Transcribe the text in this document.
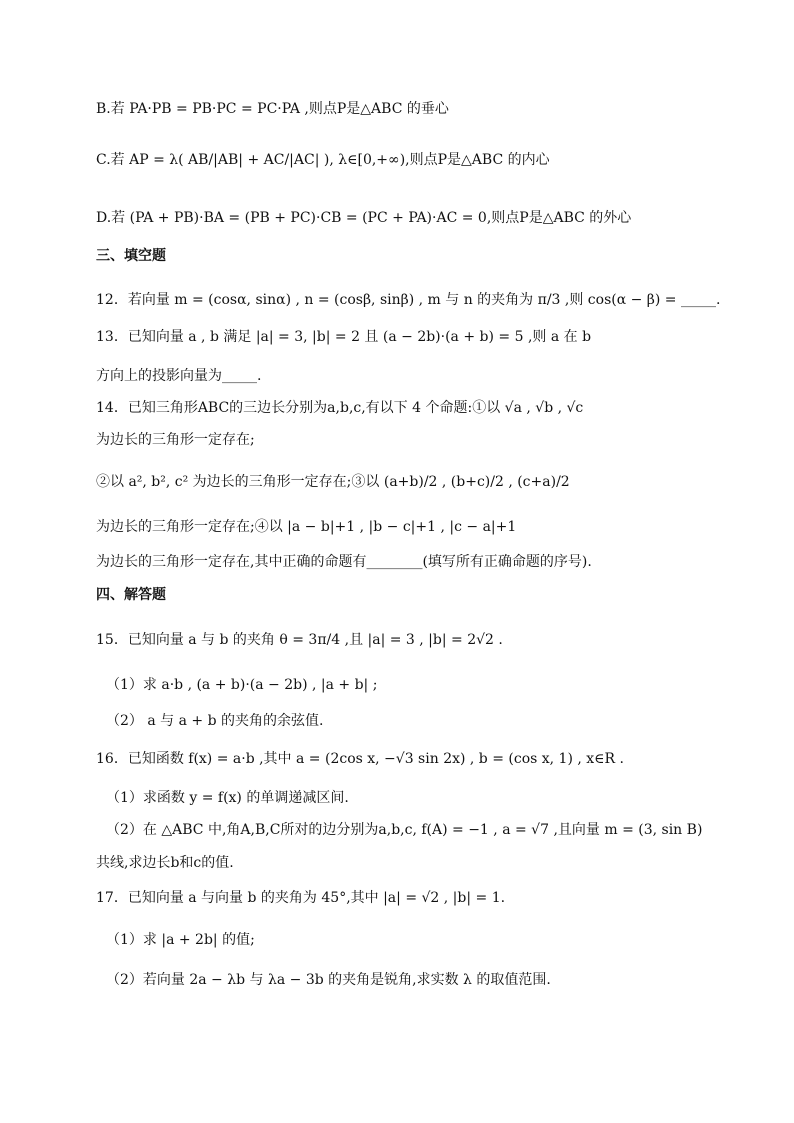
B.若 PA·PB = PB·PC = PC·PA ,则点P是△ABC 的垂心
C.若 AP = λ( AB/|AB| + AC/|AC| ), λ∈[0,+∞),则点P是△ABC 的内心
D.若 (PA + PB)·BA = (PB + PC)·CB = (PC + PA)·AC = 0,则点P是△ABC 的外心
三、填空题
12．若向量 m = (cosα, sinα) , n = (cosβ, sinβ) , m 与 n 的夹角为 π/3 ,则 cos(α − β) = _____.
13．已知向量 a , b 满足 |a| = 3, |b| = 2 且 (a − 2b)·(a + b) = 5 ,则 a 在 b
方向上的投影向量为_____.
14．已知三角形ABC的三边长分别为a,b,c,有以下 4 个命题:①以 √a , √b , √c
为边长的三角形一定存在;
②以 a², b², c² 为边长的三角形一定存在;③以 (a+b)/2 , (b+c)/2 , (c+a)/2
为边长的三角形一定存在;④以 |a − b|+1 , |b − c|+1 , |c − a|+1
为边长的三角形一定存在,其中正确的命题有________(填写所有正确命题的序号).
四、解答题
15．已知向量 a 与 b 的夹角 θ = 3π/4 ,且 |a| = 3 , |b| = 2√2 .
（1）求 a·b , (a + b)·(a − 2b) , |a + b| ;
（2） a 与 a + b 的夹角的余弦值.
16．已知函数 f(x) = a·b ,其中 a = (2cos x, −√3 sin 2x) , b = (cos x, 1) , x∈R .
（1）求函数 y = f(x) 的单调递减区间.
（2）在 △ABC 中,角A,B,C所对的边分别为a,b,c, f(A) = −1 , a = √7 ,且向量 m = (3, sin B)
共线,求边长b和c的值.
17．已知向量 a 与向量 b 的夹角为 45°,其中 |a| = √2 , |b| = 1.
（1）求 |a + 2b| 的值;
（2）若向量 2a − λb 与 λa − 3b 的夹角是锐角,求实数 λ 的取值范围.
